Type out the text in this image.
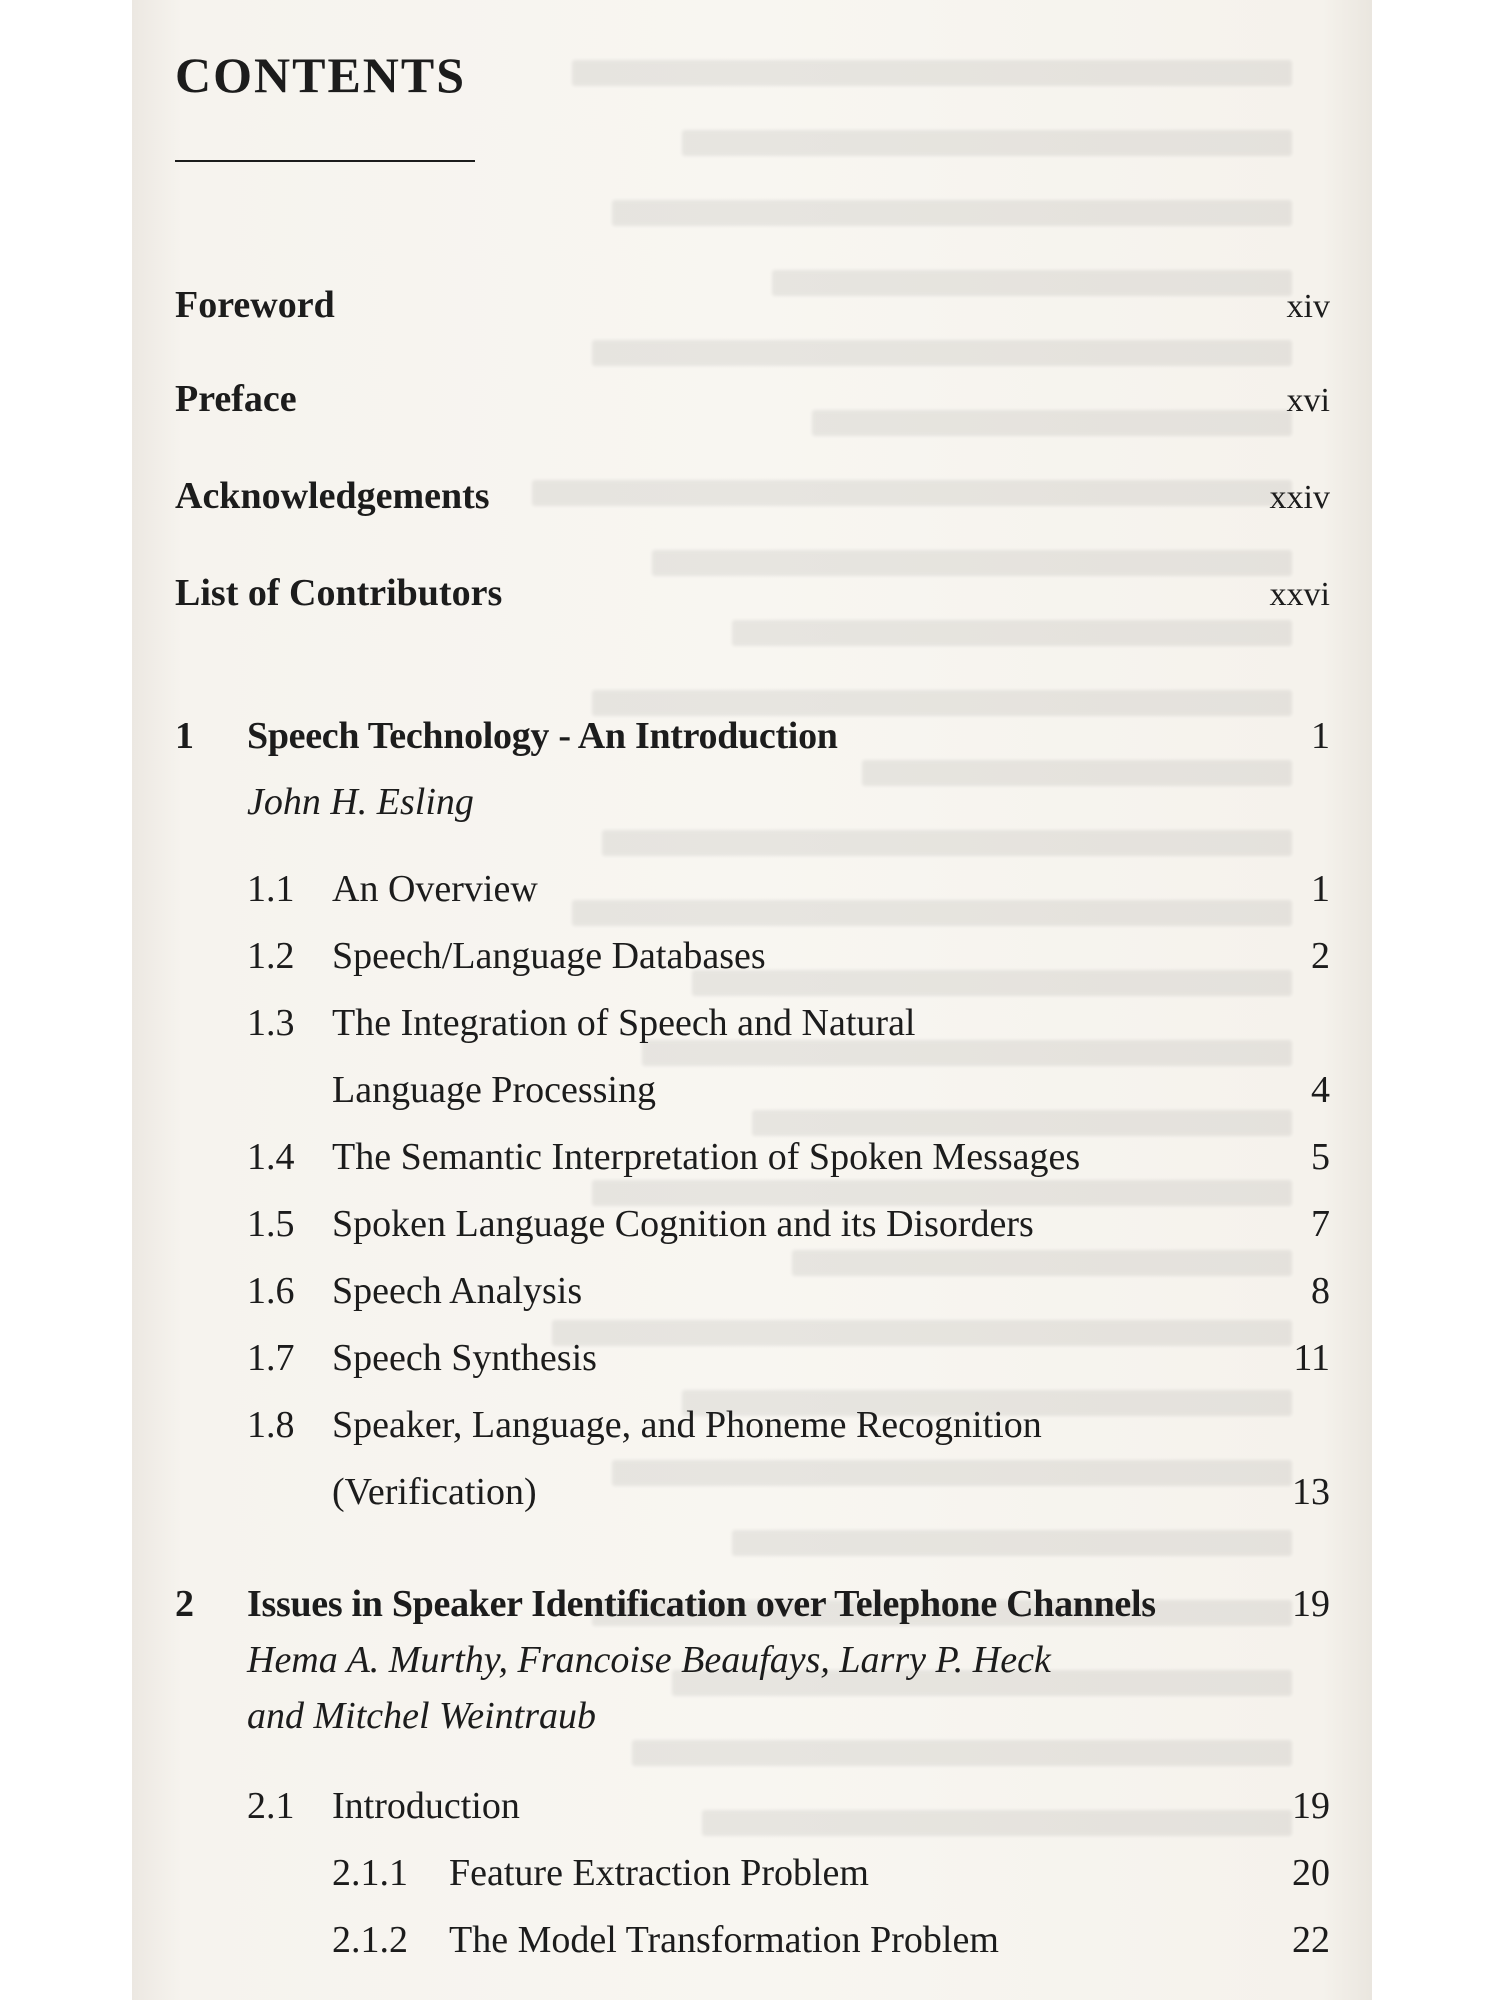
CONTENTS
Foreword	xiv
Preface	xvi
Acknowledgements	xxiv
List of Contributors	xxvi
1	Speech Technology - An Introduction	1
John H. Esling
1.1 An Overview	1
1.2 Speech/Language Databases	2
1.3 The Integration of Speech and Natural
Language Processing	4
1.4 The Semantic Interpretation of Spoken Messages	5
1.5 Spoken Language Cognition and its Disorders	7
1.6 Speech Analysis	8
1.7 Speech Synthesis	11
1.8 Speaker, Language, and Phoneme Recognition
(Verification)	13
2	Issues in Speaker Identification over Telephone Channels	19
Hema A. Murthy, Francoise Beaufays, Larry P. Heck
and Mitchel Weintraub
2.1 Introduction	19
2.1.1	Feature Extraction Problem	20
2.1.2	The Model Transformation Problem	22
